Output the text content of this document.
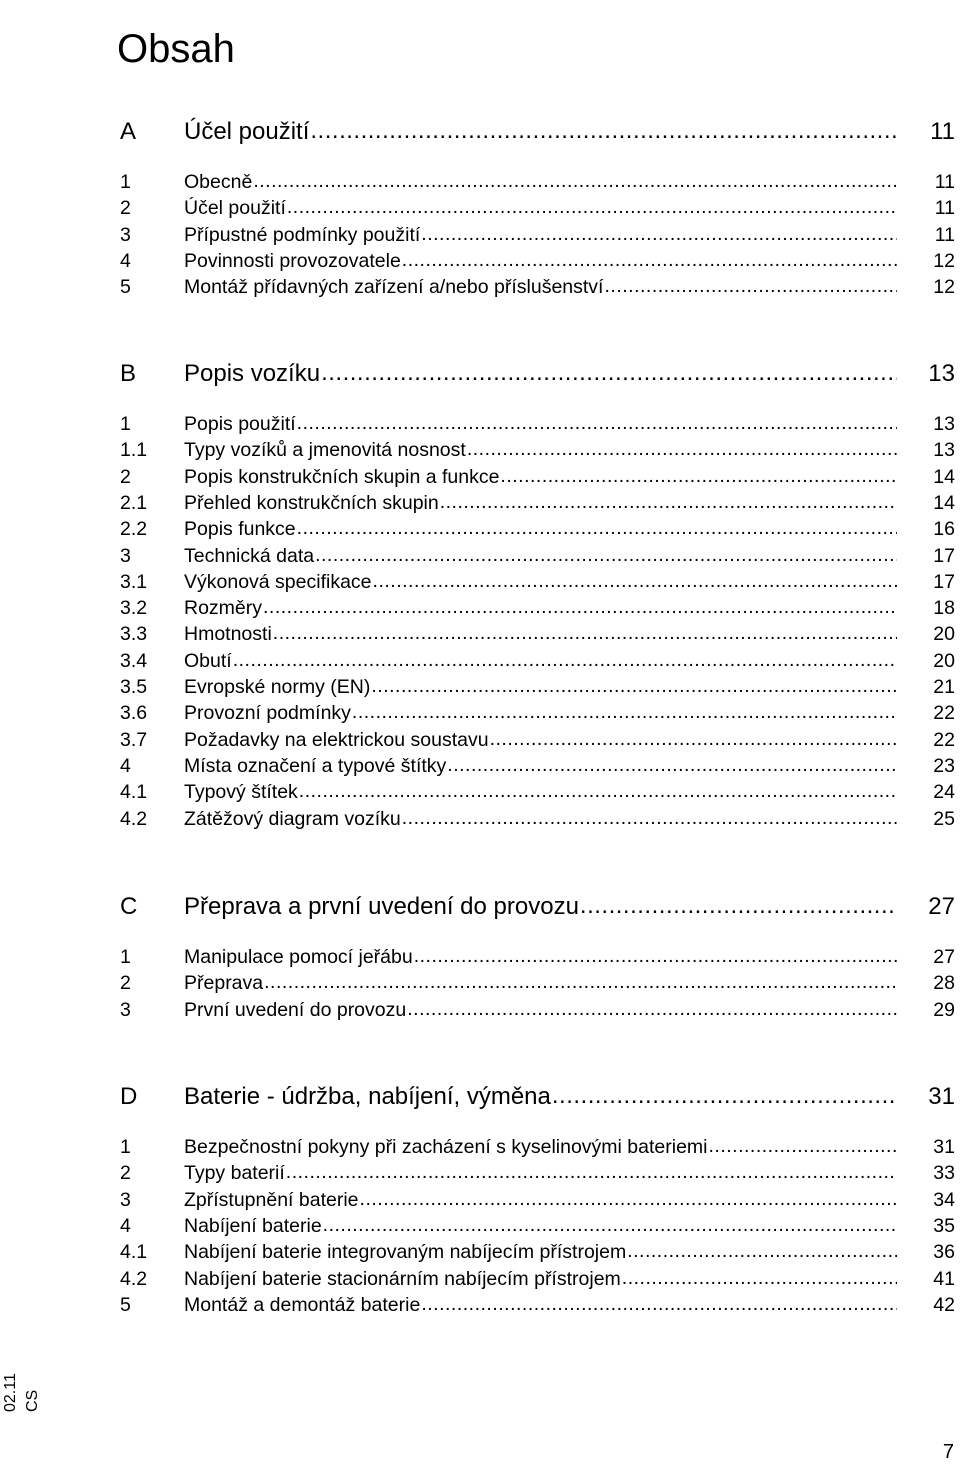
Obsah
A	Účel použití .....	11
1	Obecně .....	11
2	Účel použití .....	11
3	Přípustné podmínky použití .....	11
4	Povinnosti provozovatele .....	12
5	Montáž přídavných zařízení a/nebo příslušenství .....	12
B	Popis vozíku .....	13
1	Popis použití .....	13
1.1	Typy vozíků a jmenovitá nosnost .....	13
2	Popis konstrukčních skupin a funkce .....	14
2.1	Přehled konstrukčních skupin .....	14
2.2	Popis funkce .....	16
3	Technická data .....	17
3.1	Výkonová specifikace .....	17
3.2	Rozměry .....	18
3.3	Hmotnosti .....	20
3.4	Obutí .....	20
3.5	Evropské normy (EN) .....	21
3.6	Provozní podmínky .....	22
3.7	Požadavky na elektrickou soustavu .....	22
4	Místa označení a typové štítky .....	23
4.1	Typový štítek .....	24
4.2	Zátěžový diagram vozíku .....	25
C	Přeprava a první uvedení do provozu .....	27
1	Manipulace pomocí jeřábu .....	27
2	Přeprava .....	28
3	První uvedení do provozu .....	29
D	Baterie - údržba, nabíjení, výměna .....	31
1	Bezpečnostní pokyny při zacházení s kyselinovými bateriemi .....	31
2	Typy baterií .....	33
3	Zpřístupnění baterie .....	34
4	Nabíjení baterie .....	35
4.1	Nabíjení baterie integrovaným nabíjecím přístrojem .....	36
4.2	Nabíjení baterie stacionárním nabíjecím přístrojem .....	41
5	Montáž a demontáž baterie .....	42
02.11 CS
7
